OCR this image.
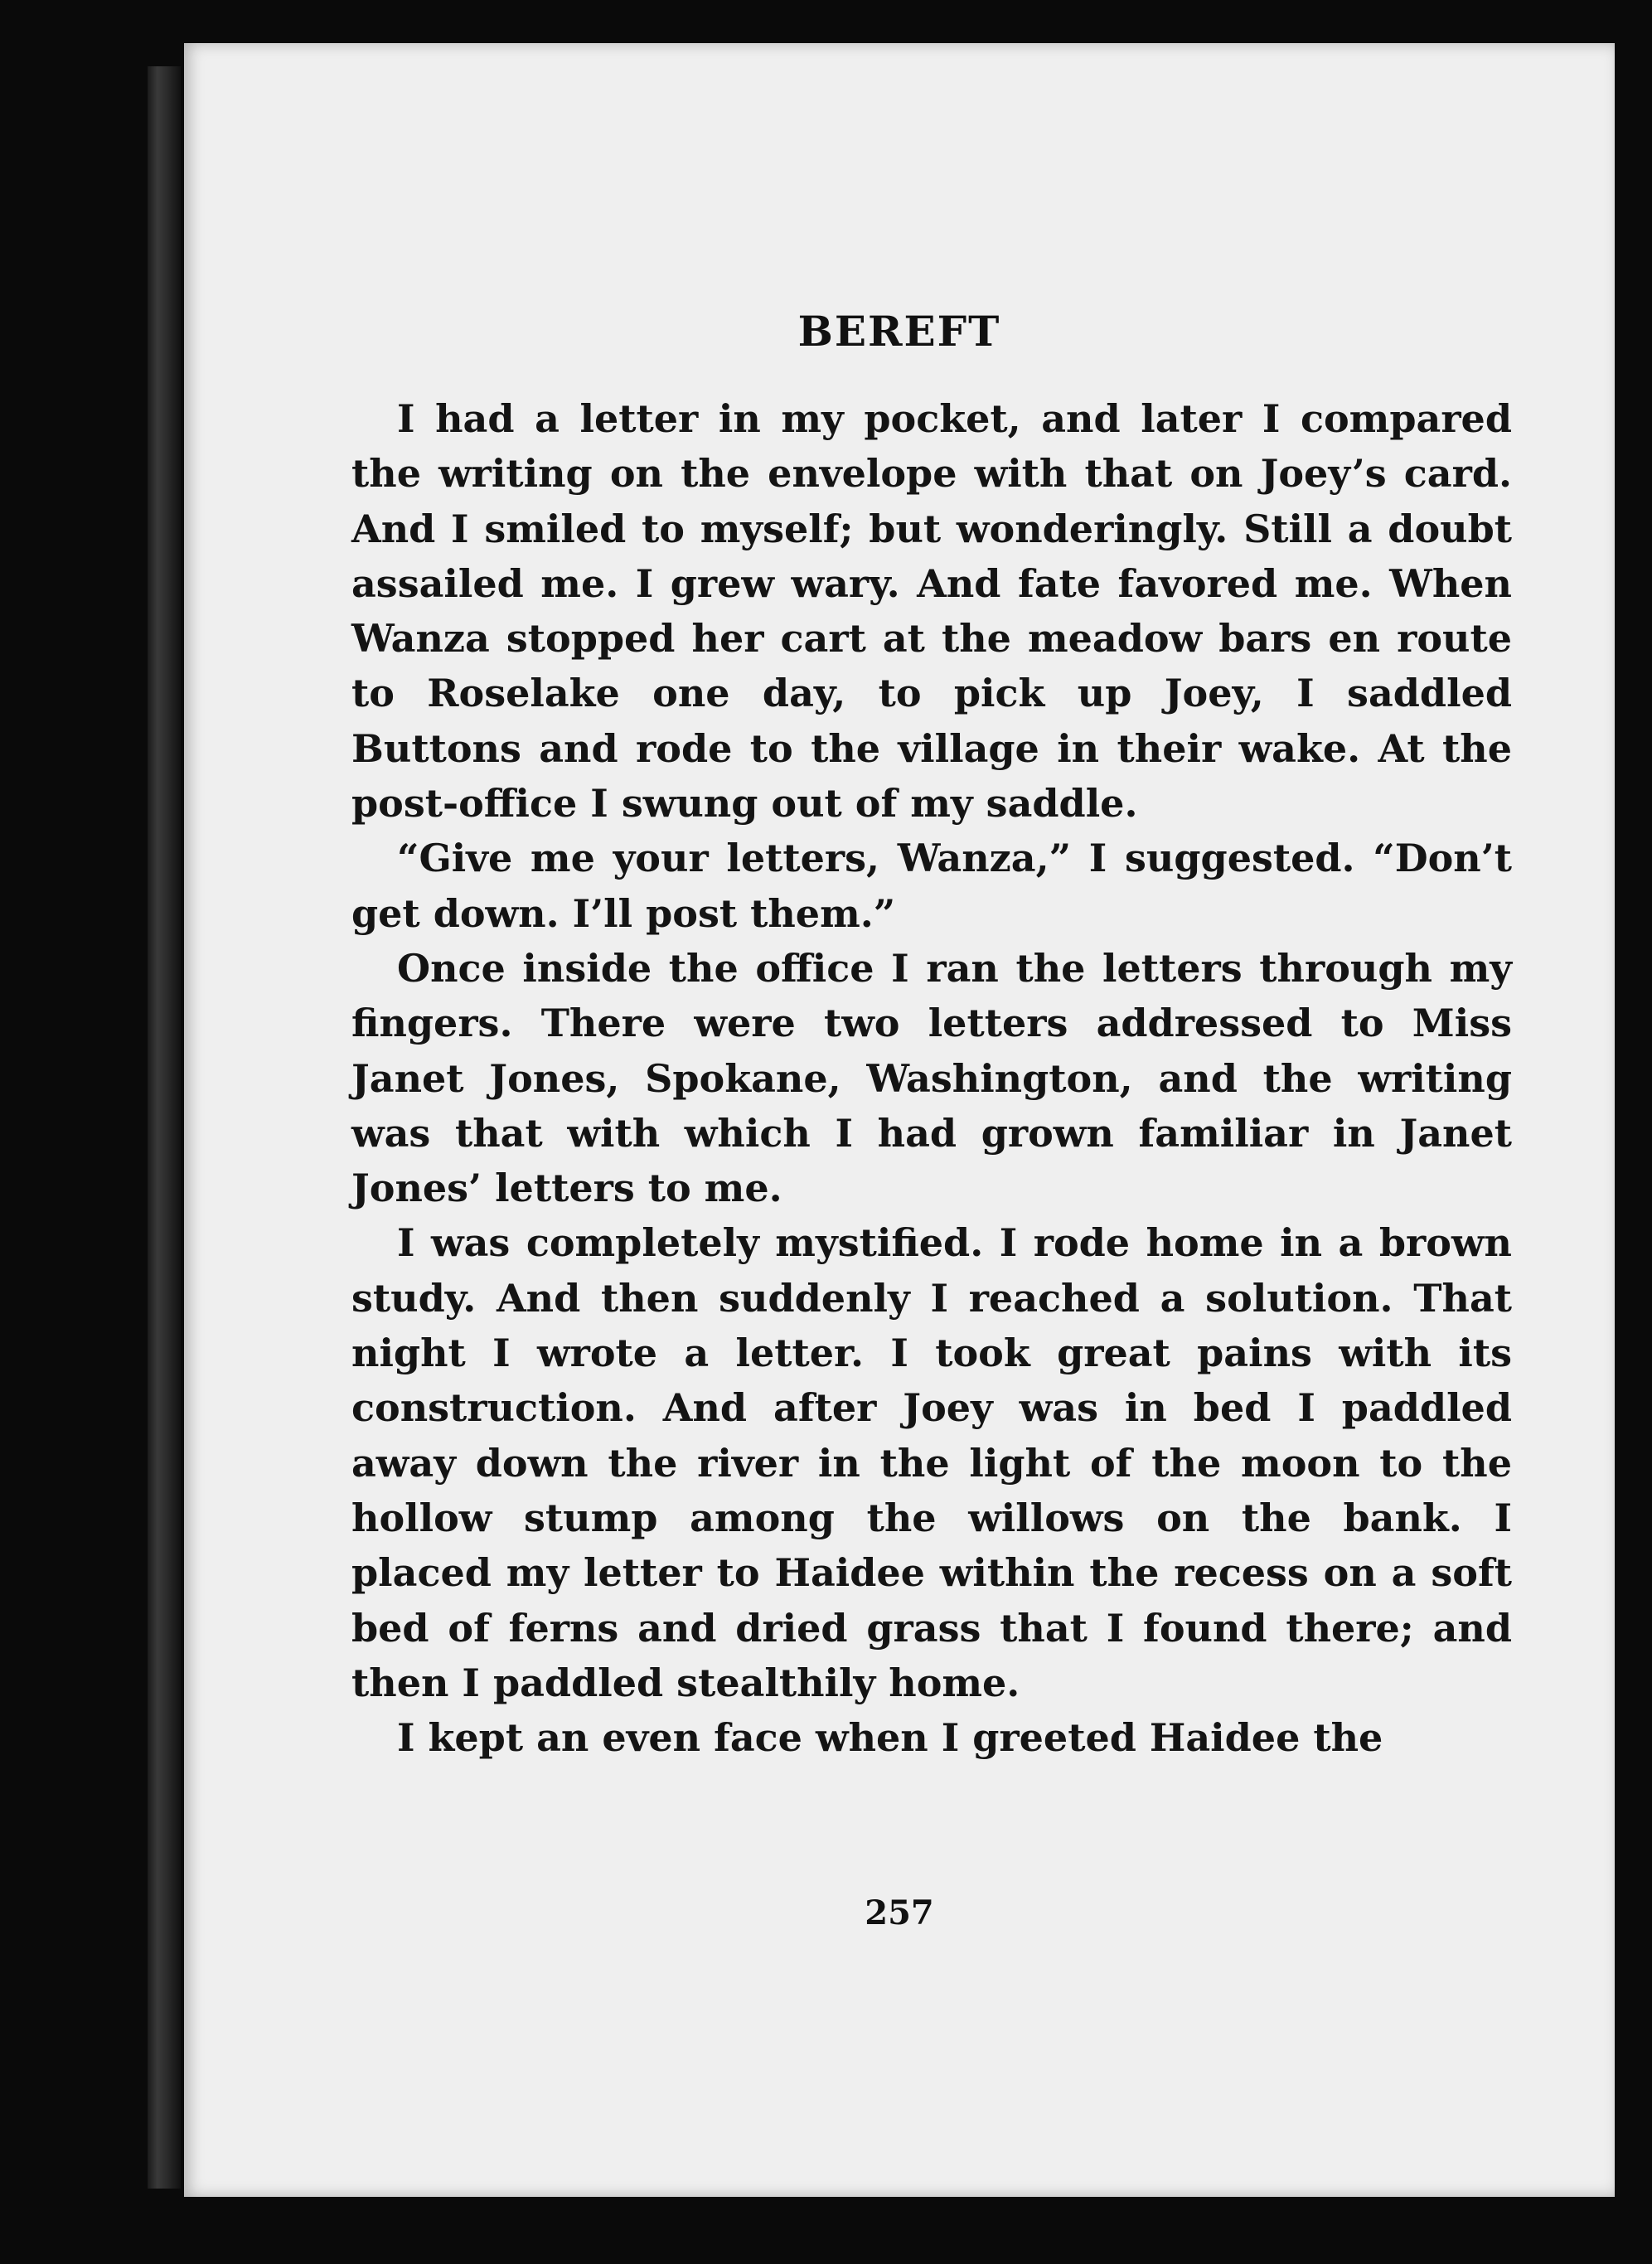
BEREFT

I had a letter in my pocket, and later I compared the writing on the envelope with that on Joey’s card. And I smiled to myself; but wonderingly. Still a doubt assailed me. I grew wary. And fate favored me. When Wanza stopped her cart at the meadow bars en route to Roselake one day, to pick up Joey, I saddled Buttons and rode to the village in their wake. At the post-office I swung out of my saddle.

“Give me your letters, Wanza,” I suggested. “Don’t get down. I’ll post them.”

Once inside the office I ran the letters through my fingers. There were two letters addressed to Miss Janet Jones, Spokane, Washington, and the writing was that with which I had grown familiar in Janet Jones’ letters to me.

I was completely mystified. I rode home in a brown study. And then suddenly I reached a solution. That night I wrote a letter. I took great pains with its construction. And after Joey was in bed I paddled away down the river in the light of the moon to the hollow stump among the willows on the bank. I placed my letter to Haidee within the recess on a soft bed of ferns and dried grass that I found there; and then I paddled stealthily home.

I kept an even face when I greeted Haidee the

257
